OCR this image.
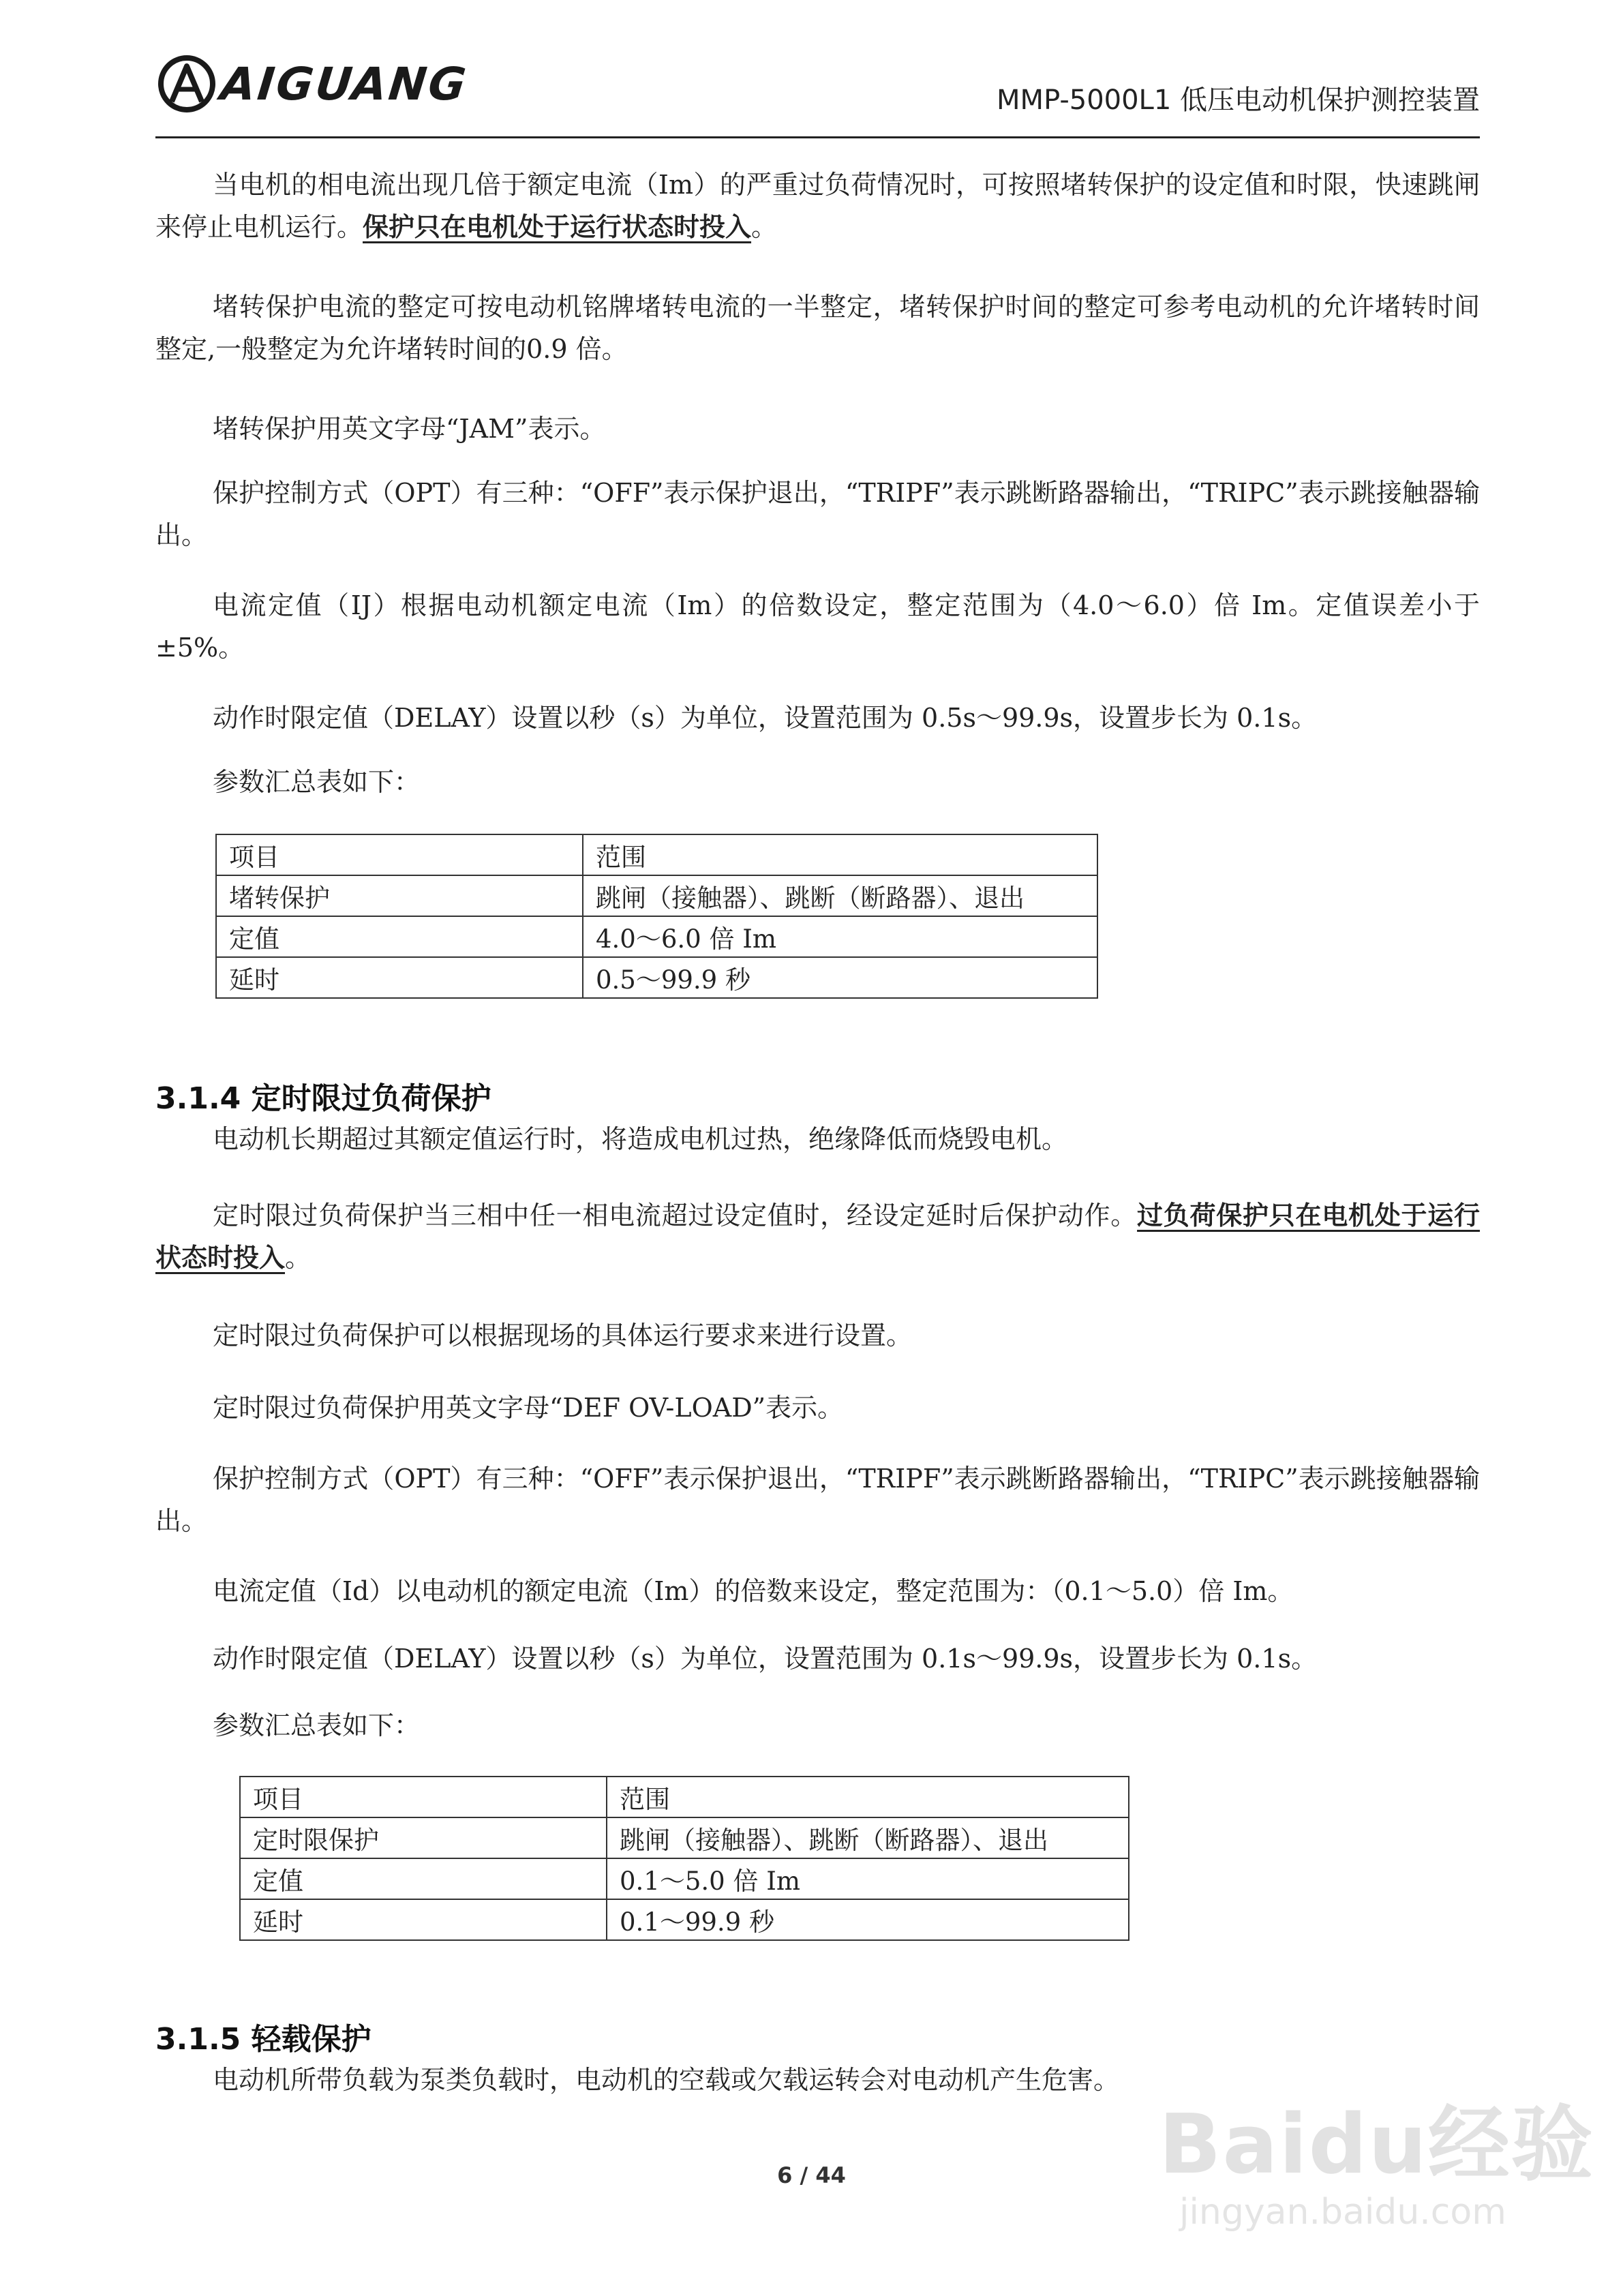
AIGUANG	MMP-5000L1 低压电动机保护测控装置
当电机的相电流出现几倍于额定电流（Im）的严重过负荷情况时，可按照堵转保护的设定值和时限，快速跳闸来停止电机运行。保护只在电机处于运行状态时投入。
堵转保护电流的整定可按电动机铭牌堵转电流的一半整定，堵转保护时间的整定可参考电动机的允许堵转时间整定,一般整定为允许堵转时间的0.9 倍。
堵转保护用英文字母“JAM”表示。
保护控制方式（OPT）有三种：“OFF”表示保护退出，“TRIPF”表示跳断路器输出，“TRIPC”表示跳接触器输出。
电流定值（IJ）根据电动机额定电流（Im）的倍数设定，整定范围为（4.0～6.0）倍 Im。定值误差小于±5%。
动作时限定值（DELAY）设置以秒（s）为单位，设置范围为 0.5s～99.9s，设置步长为 0.1s。
参数汇总表如下：
项目	范围
堵转保护	跳闸（接触器）、跳断（断路器）、退出
定值	4.0～6.0 倍 Im
延时	0.5～99.9 秒
3.1.4 定时限过负荷保护
电动机长期超过其额定值运行时，将造成电机过热，绝缘降低而烧毁电机。
定时限过负荷保护当三相中任一相电流超过设定值时，经设定延时后保护动作。过负荷保护只在电机处于运行状态时投入。
定时限过负荷保护可以根据现场的具体运行要求来进行设置。
定时限过负荷保护用英文字母“DEF OV-LOAD”表示。
保护控制方式（OPT）有三种：“OFF”表示保护退出，“TRIPF”表示跳断路器输出，“TRIPC”表示跳接触器输出。
电流定值（Id）以电动机的额定电流（Im）的倍数来设定，整定范围为：（0.1～5.0）倍 Im。
动作时限定值（DELAY）设置以秒（s）为单位，设置范围为 0.1s～99.9s，设置步长为 0.1s。
参数汇总表如下：
项目	范围
定时限保护	跳闸（接触器）、跳断（断路器）、退出
定值	0.1～5.0 倍 Im
延时	0.1～99.9 秒
3.1.5 轻载保护
电动机所带负载为泵类负载时，电动机的空载或欠载运转会对电动机产生危害。
Baidu经验
jingyan.baidu.com
6 / 44
